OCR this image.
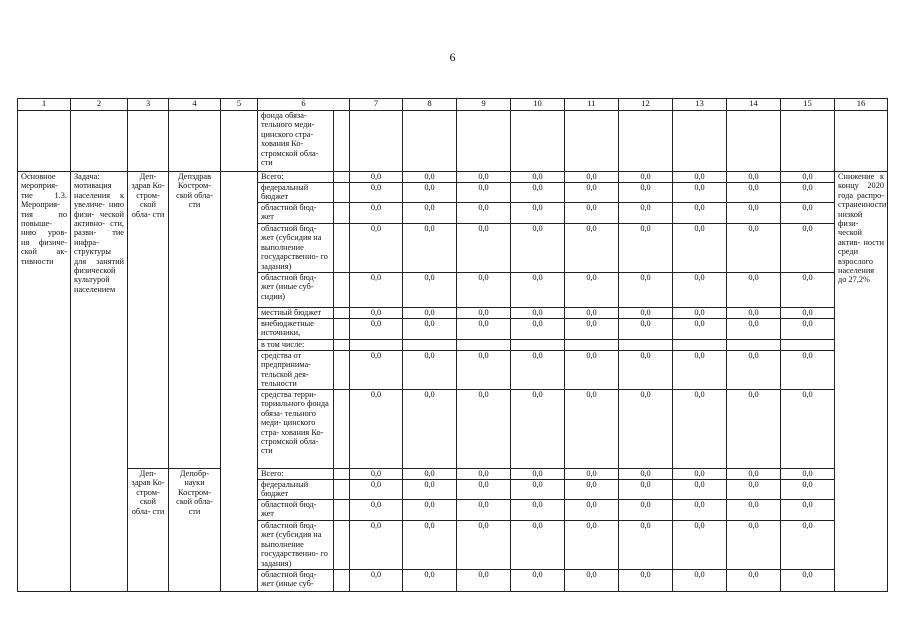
6
1	2	3	4	5	6		7	8	9	10	11	12	13	14	15	16
					фонда обяза- тельного меди- цинского стра- хования Ко- стромской обла- сти											
Основное мероприя- тие 1.3. Мероприя- тия по повыше- нию уров- ня физиче- ской ак- тивности	Задача: мотивация населения к увеличе- нию физи- ческой активно- сти, разви- тие инфра- структуры для занятий физической культурой населением	Деп- здрав Ко- стром- ской обла- сти	Депздрав Костром- ской обла- сти		Всего:		0,0	0,0	0,0	0,0	0,0	0,0	0,0	0,0	0,0	Снижение к концу 2020 года распро- страненности низкой физи- ческой актив- ности среди взрослого населения до 27,2%
					федеральный бюджет		0,0	0,0	0,0	0,0	0,0	0,0	0,0	0,0	0,0	
					областной бюд- жет		0,0	0,0	0,0	0,0	0,0	0,0	0,0	0,0	0,0	
					областной бюд- жет (субсидия на выполнение государственно- го задания)		0,0	0,0	0,0	0,0	0,0	0,0	0,0	0,0	0,0	
					областной бюд- жет (иные суб- сидии)		0,0	0,0	0,0	0,0	0,0	0,0	0,0	0,0	0,0	
					местный бюджет		0,0	0,0	0,0	0,0	0,0	0,0	0,0	0,0	0,0	
					внебюджетные источники,		0,0	0,0	0,0	0,0	0,0	0,0	0,0	0,0	0,0	
					в том числе:											
					средства от предпринима- тельской дея- тельности		0,0	0,0	0,0	0,0	0,0	0,0	0,0	0,0	0,0	
					средства терри- ториального фонда обяза- тельного меди- цинского стра- хования Ко- стромской обла- сти		0,0	0,0	0,0	0,0	0,0	0,0	0,0	0,0	0,0	
		Деп- здрав Ко- стром- ской обла- сти	Депобр- науки Костром- ской обла- сти		Всего:		0,0	0,0	0,0	0,0	0,0	0,0	0,0	0,0	0,0	
					федеральный бюджет		0,0	0,0	0,0	0,0	0,0	0,0	0,0	0,0	0,0	
					областной бюд- жет		0,0	0,0	0,0	0,0	0,0	0,0	0,0	0,0	0,0	
					областной бюд- жет (субсидия на выполнение государственно- го задания)		0,0	0,0	0,0	0,0	0,0	0,0	0,0	0,0	0,0	
					областной бюд- жет (иные суб-		0,0	0,0	0,0	0,0	0,0	0,0	0,0	0,0	0,0	
